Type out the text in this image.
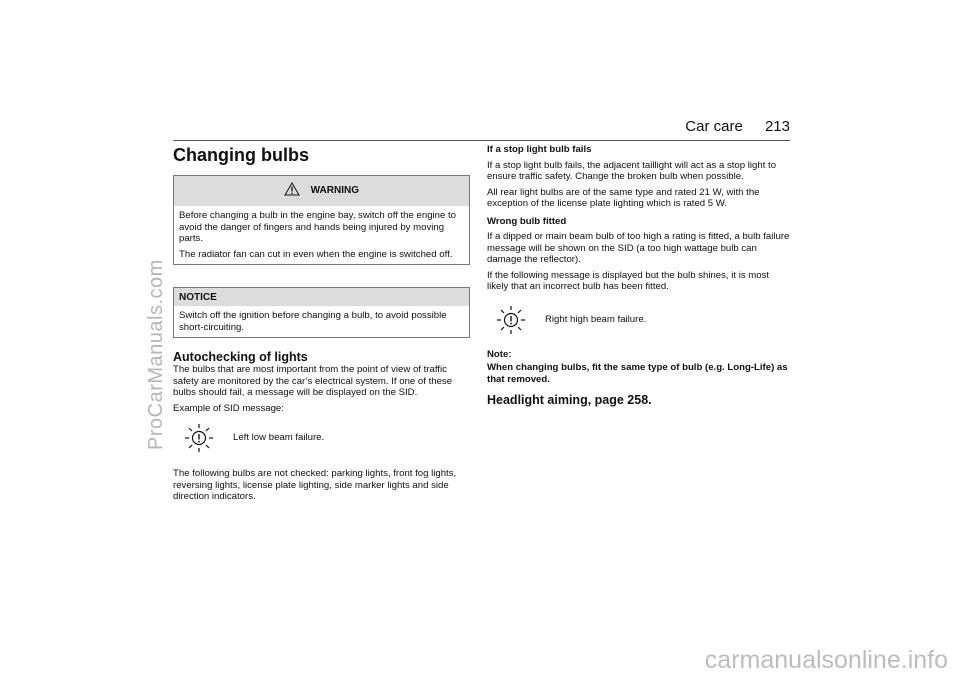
Car care 213
ProCarManuals.com
carmanualsonline.info
Changing bulbs
WARNING

Before changing a bulb in the engine bay, switch off the engine to avoid the danger of fingers and hands being injured by moving parts.

The radiator fan can cut in even when the engine is switched off.

NOTICE

Switch off the ignition before changing a bulb, to avoid possible short-circuiting.

Autochecking of lights

The bulbs that are most important from the point of view of traffic safety are monitored by the car’s electrical system. If one of these bulbs should fail, a message will be displayed on the SID.

Example of SID message:

Left low beam failure.

The following bulbs are not checked: parking lights, front fog lights, reversing lights, license plate lighting, side marker lights and side direction indicators.

If a stop light bulb fails

If a stop light bulb fails, the adjacent taillight will act as a stop light to ensure traffic safety. Change the broken bulb when possible.

All rear light bulbs are of the same type and rated 21 W, with the exception of the license plate lighting which is rated 5 W.

Wrong bulb fitted

If a dipped or main beam bulb of too high a rating is fitted, a bulb failure message will be shown on the SID (a too high wattage bulb can damage the reflector).

If the following message is displayed but the bulb shines, it is most likely that an incorrect bulb has been fitted.

Right high beam failure.

Note:

When changing bulbs, fit the same type of bulb (e.g. Long-Life) as that removed.

Headlight aiming, page 258.
